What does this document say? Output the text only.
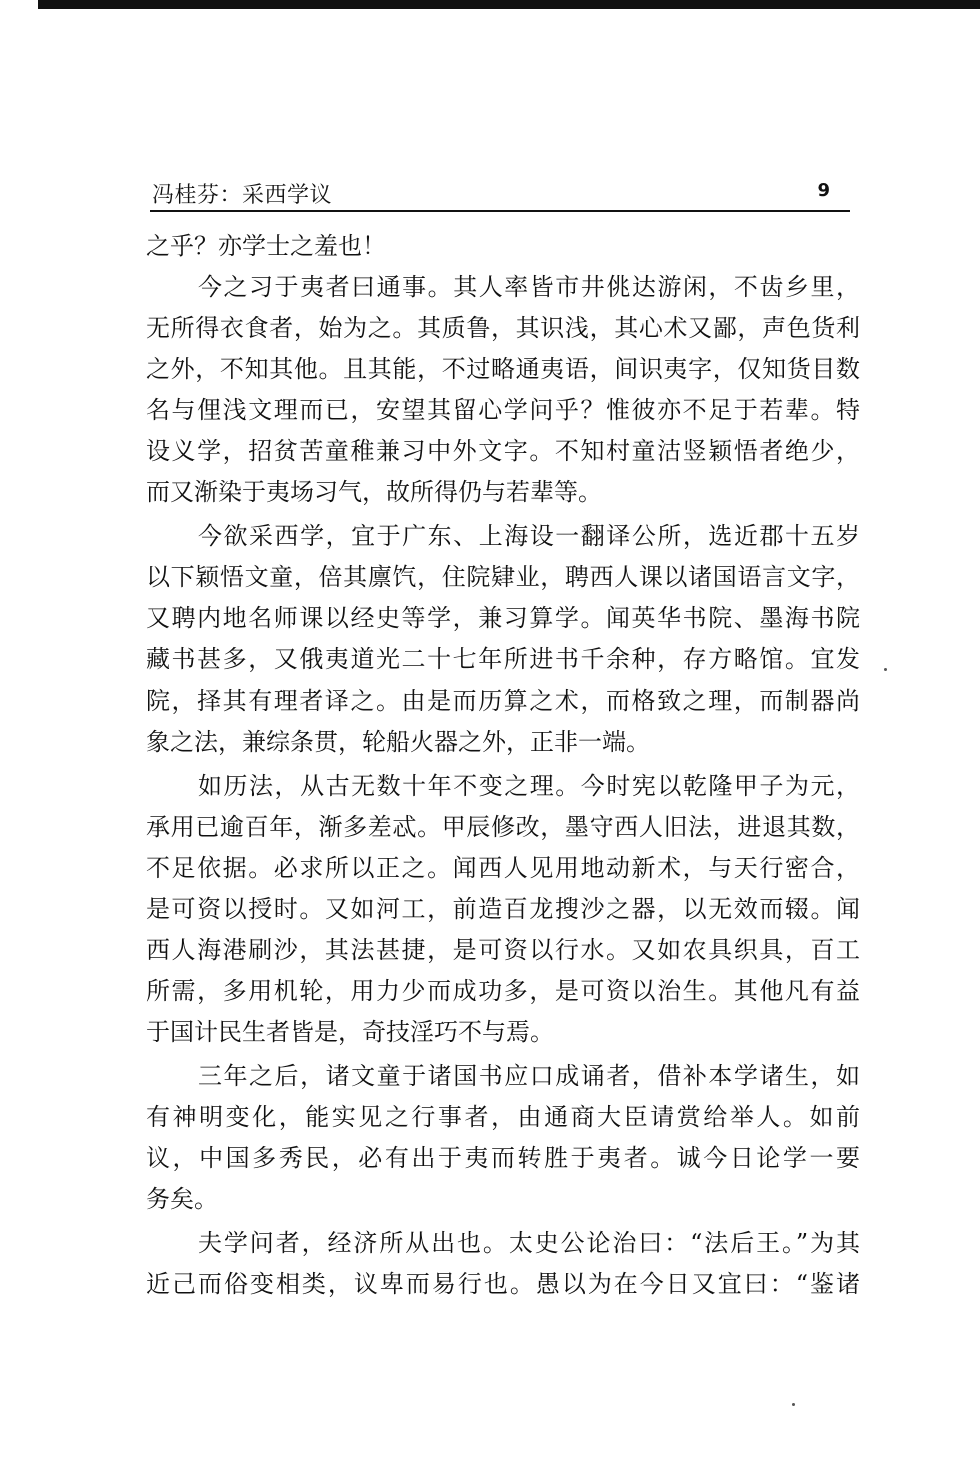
冯桂芬：采西学议	9
之乎？亦学士之羞也！
今之习于夷者曰通事。其人率皆市井佻达游闲，不齿乡里，
无所得衣食者，始为之。其质鲁，其识浅，其心术又鄙，声色货利
之外，不知其他。且其能，不过略通夷语，间识夷字，仅知货目数
名与俚浅文理而已，安望其留心学问乎？惟彼亦不足于若辈。特
设义学，招贫苦童稚兼习中外文字。不知村童沽竖颖悟者绝少，
而又渐染于夷场习气，故所得仍与若辈等。
今欲采西学，宜于广东、上海设一翻译公所，选近郡十五岁
以下颖悟文童，倍其廪饩，住院肄业，聘西人课以诸国语言文字，
又聘内地名师课以经史等学，兼习算学。闻英华书院、墨海书院
藏书甚多，又俄夷道光二十七年所进书千余种，存方略馆。宜发
院，择其有理者译之。由是而历算之术，而格致之理，而制器尚
象之法，兼综条贯，轮船火器之外，正非一端。
如历法，从古无数十年不变之理。今时宪以乾隆甲子为元，
承用已逾百年，渐多差忒。甲辰修改，墨守西人旧法，进退其数，
不足依据。必求所以正之。闻西人见用地动新术，与天行密合，
是可资以授时。又如河工，前造百龙搜沙之器，以无效而辍。闻
西人海港刷沙，其法甚捷，是可资以行水。又如农具织具，百工
所需，多用机轮，用力少而成功多，是可资以治生。其他凡有益
于国计民生者皆是，奇技淫巧不与焉。
三年之后，诸文童于诸国书应口成诵者，借补本学诸生，如
有神明变化，能实见之行事者，由通商大臣请赏给举人。如前
议，中国多秀民，必有出于夷而转胜于夷者。诚今日论学一要
务矣。
夫学问者，经济所从出也。太史公论治曰：“法后王。”为其
近己而俗变相类，议卑而易行也。愚以为在今日又宜曰：“鉴诸
